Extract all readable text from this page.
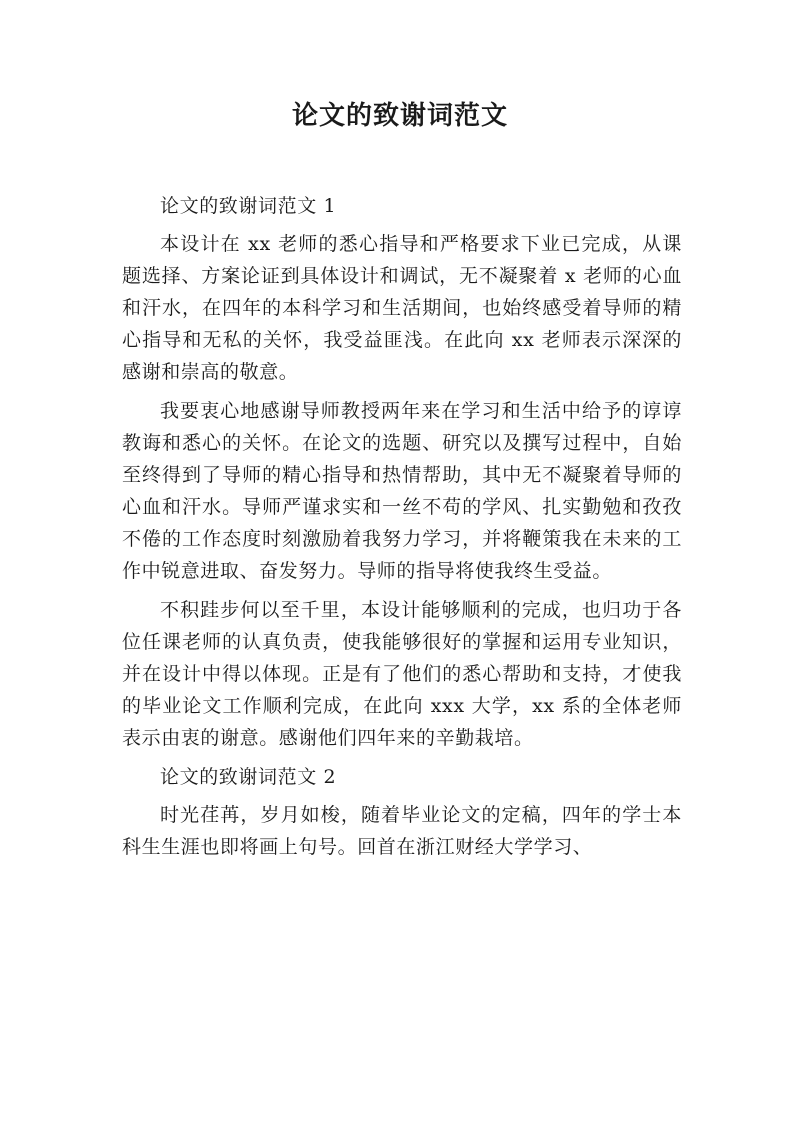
论文的致谢词范文

论文的致谢词范文 1

本设计在 xx 老师的悉心指导和严格要求下业已完成，从课题选择、方案论证到具体设计和调试，无不凝聚着 x 老师的心血和汗水，在四年的本科学习和生活期间，也始终感受着导师的精心指导和无私的关怀，我受益匪浅。在此向 xx 老师表示深深的感谢和崇高的敬意。

我要衷心地感谢导师教授两年来在学习和生活中给予的谆谆教诲和悉心的关怀。在论文的选题、研究以及撰写过程中，自始至终得到了导师的精心指导和热情帮助，其中无不凝聚着导师的心血和汗水。导师严谨求实和一丝不苟的学风、扎实勤勉和孜孜不倦的工作态度时刻激励着我努力学习，并将鞭策我在未来的工作中锐意进取、奋发努力。导师的指导将使我终生受益。

不积跬步何以至千里，本设计能够顺利的完成，也归功于各位任课老师的认真负责，使我能够很好的掌握和运用专业知识，并在设计中得以体现。正是有了他们的悉心帮助和支持，才使我的毕业论文工作顺利完成，在此向 xxx 大学，xx 系的全体老师表示由衷的谢意。感谢他们四年来的辛勤栽培。

论文的致谢词范文 2

时光荏苒，岁月如梭，随着毕业论文的定稿，四年的学士本科生生涯也即将画上句号。回首在浙江财经大学学习、
